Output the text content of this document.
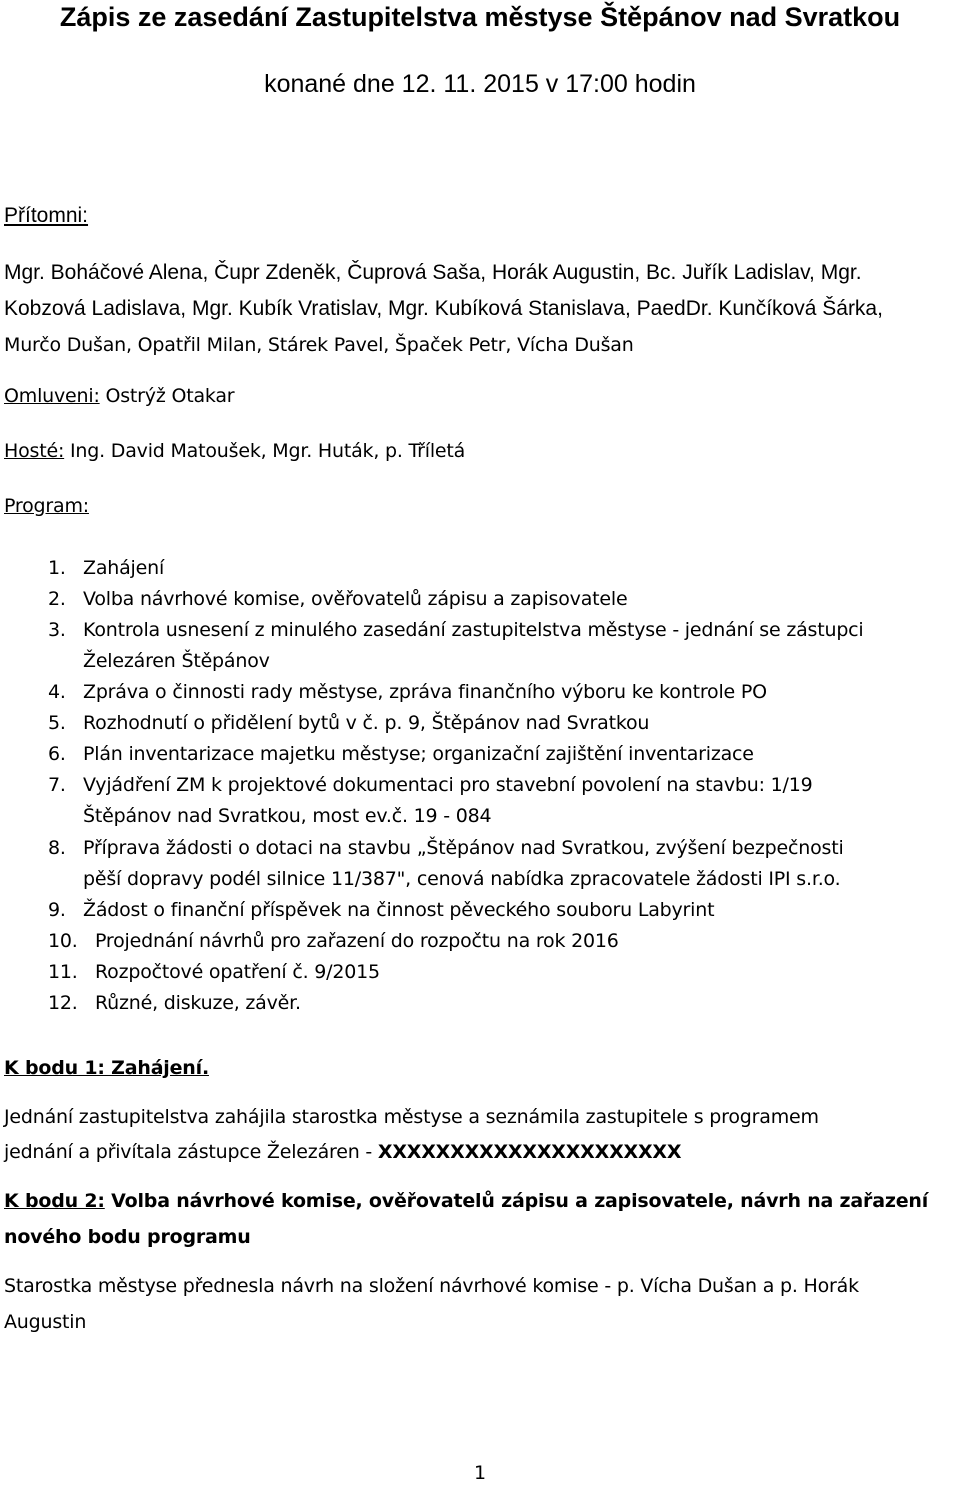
Zápis ze zasedání Zastupitelstva městyse Štěpánov nad Svratkou
konané dne 12. 11. 2015 v 17:00 hodin
Přítomni:
Mgr. Boháčové Alena, Čupr Zdeněk, Čuprová Saša, Horák Augustin, Bc. Juřík Ladislav, Mgr.
Kobzová Ladislava, Mgr. Kubík Vratislav, Mgr. Kubíková Stanislava, PaedDr. Kunčíková Šárka,
Murčo Dušan, Opatřil Milan, Stárek Pavel, Špaček Petr, Vícha Dušan
Omluveni: Ostrýž Otakar
Hosté: Ing. David Matoušek, Mgr. Huták, p. Tříletá
Program:
1. Zahájení
2. Volba návrhové komise, ověřovatelů zápisu a zapisovatele
3. Kontrola usnesení z minulého zasedání zastupitelstva městyse - jednání se zástupci
Železáren Štěpánov
4. Zpráva o činnosti rady městyse, zpráva finančního výboru ke kontrole PO
5. Rozhodnutí o přidělení bytů v č. p. 9, Štěpánov nad Svratkou
6. Plán inventarizace majetku městyse; organizační zajištění inventarizace
7. Vyjádření ZM k projektové dokumentaci pro stavební povolení na stavbu: 1/19
Štěpánov nad Svratkou, most ev.č. 19 - 084
8. Příprava žádosti o dotaci na stavbu „Štěpánov nad Svratkou, zvýšení bezpečnosti
pěší dopravy podél silnice 11/387", cenová nabídka zpracovatele žádosti IPI s.r.o.
9. Žádost o finanční příspěvek na činnost pěveckého souboru Labyrint
10. Projednání návrhů pro zařazení do rozpočtu na rok 2016
11. Rozpočtové opatření č. 9/2015
12. Různé, diskuze, závěr.
K bodu 1: Zahájení.
Jednání zastupitelstva zahájila starostka městyse a seznámila zastupitele s programem
jednání a přivítala zástupce Železáren - XXXXXXXXXXXXXXXXXXXXX
K bodu 2: Volba návrhové komise, ověřovatelů zápisu a zapisovatele, návrh na zařazení
nového bodu programu
Starostka městyse přednesla návrh na složení návrhové komise - p. Vícha Dušan a p. Horák
Augustin
1
